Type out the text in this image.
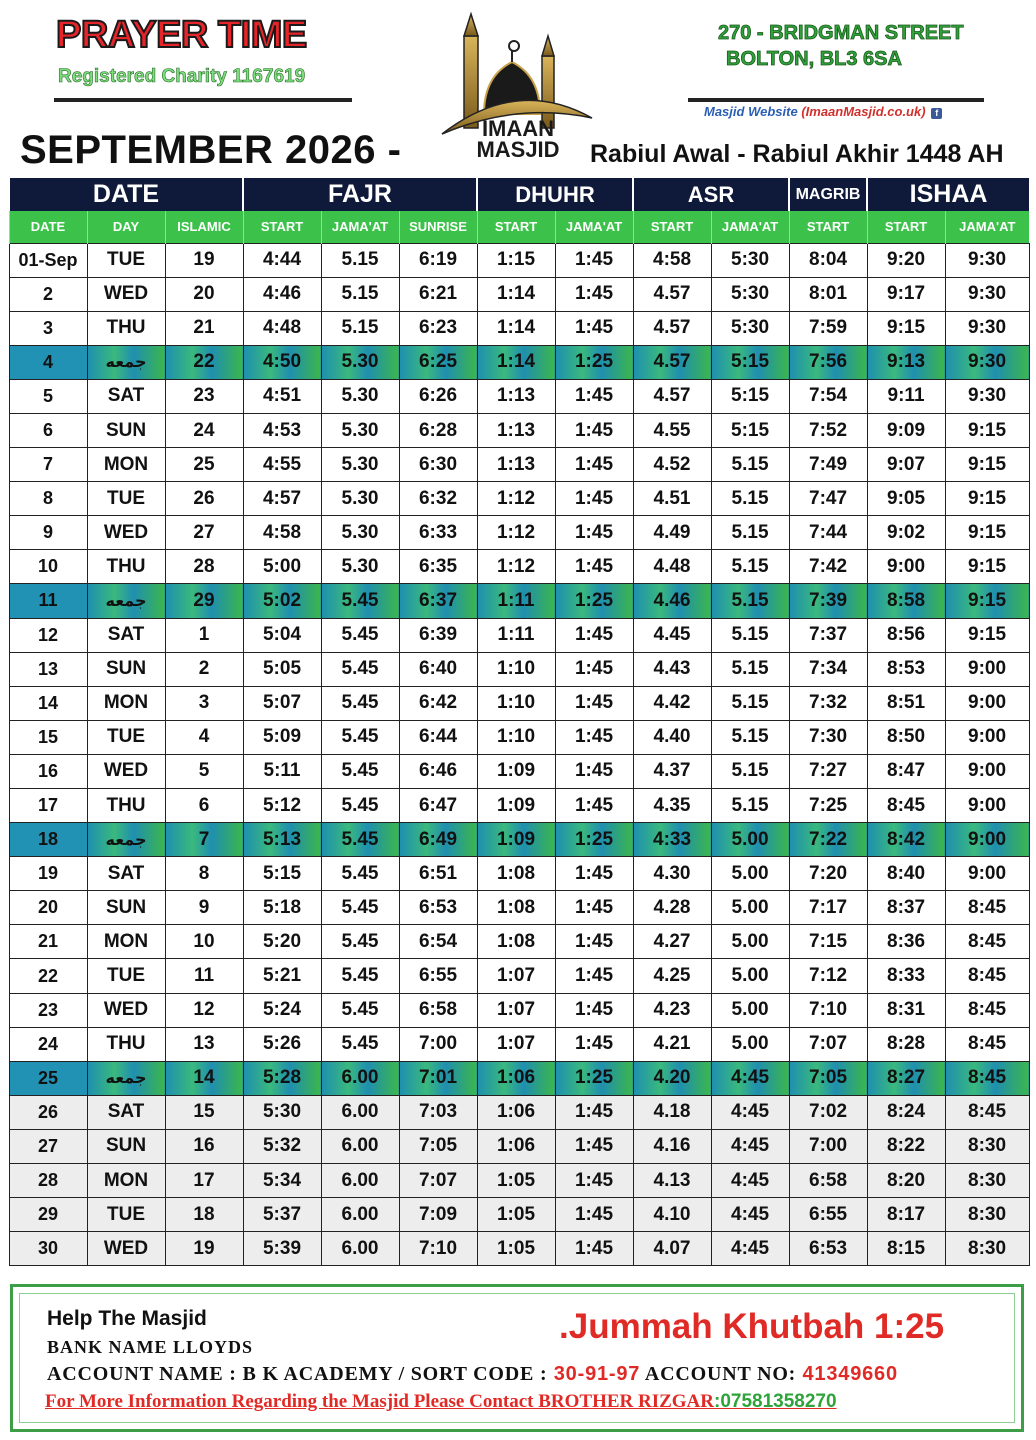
PRAYER TIME
Registered Charity 1167619
IMAAN
MASJID
270 - BRIDGMAN STREET
BOLTON, BL3 6SA
Masjid Website (ImaanMasjid.co.uk) f
SEPTEMBER 2026 -	Rabiul Awal - Rabiul Akhir 1448 AH
DATE			FAJR			DHUHR		ASR		MAGRIB	ISHAA	
DATE	DAY	ISLAMIC	START	JAMA'AT	SUNRISE	START	JAMA'AT	START	JAMA'AT	START	START	JAMA'AT
01-Sep	TUE	19	4:44	5.15	6:19	1:15	1:45	4:58	5:30	8:04	9:20	9:30
2	WED	20	4:46	5.15	6:21	1:14	1:45	4.57	5:30	8:01	9:17	9:30
3	THU	21	4:48	5.15	6:23	1:14	1:45	4.57	5:30	7:59	9:15	9:30
4	جمعه	22	4:50	5.30	6:25	1:14	1:25	4.57	5:15	7:56	9:13	9:30
5	SAT	23	4:51	5.30	6:26	1:13	1:45	4.57	5:15	7:54	9:11	9:30
6	SUN	24	4:53	5.30	6:28	1:13	1:45	4.55	5:15	7:52	9:09	9:15
7	MON	25	4:55	5.30	6:30	1:13	1:45	4.52	5.15	7:49	9:07	9:15
8	TUE	26	4:57	5.30	6:32	1:12	1:45	4.51	5.15	7:47	9:05	9:15
9	WED	27	4:58	5.30	6:33	1:12	1:45	4.49	5.15	7:44	9:02	9:15
10	THU	28	5:00	5.30	6:35	1:12	1:45	4.48	5.15	7:42	9:00	9:15
11	جمعه	29	5:02	5.45	6:37	1:11	1:25	4.46	5.15	7:39	8:58	9:15
12	SAT	1	5:04	5.45	6:39	1:11	1:45	4.45	5.15	7:37	8:56	9:15
13	SUN	2	5:05	5.45	6:40	1:10	1:45	4.43	5.15	7:34	8:53	9:00
14	MON	3	5:07	5.45	6:42	1:10	1:45	4.42	5.15	7:32	8:51	9:00
15	TUE	4	5:09	5.45	6:44	1:10	1:45	4.40	5.15	7:30	8:50	9:00
16	WED	5	5:11	5.45	6:46	1:09	1:45	4.37	5.15	7:27	8:47	9:00
17	THU	6	5:12	5.45	6:47	1:09	1:45	4.35	5.15	7:25	8:45	9:00
18	جمعه	7	5:13	5.45	6:49	1:09	1:25	4:33	5.00	7:22	8:42	9:00
19	SAT	8	5:15	5.45	6:51	1:08	1:45	4.30	5.00	7:20	8:40	9:00
20	SUN	9	5:18	5.45	6:53	1:08	1:45	4.28	5.00	7:17	8:37	8:45
21	MON	10	5:20	5.45	6:54	1:08	1:45	4.27	5.00	7:15	8:36	8:45
22	TUE	11	5:21	5.45	6:55	1:07	1:45	4.25	5.00	7:12	8:33	8:45
23	WED	12	5:24	5.45	6:58	1:07	1:45	4.23	5.00	7:10	8:31	8:45
24	THU	13	5:26	5.45	7:00	1:07	1:45	4.21	5.00	7:07	8:28	8:45
25	جمعه	14	5:28	6.00	7:01	1:06	1:25	4.20	4:45	7:05	8:27	8:45
26	SAT	15	5:30	6.00	7:03	1:06	1:45	4.18	4:45	7:02	8:24	8:45
27	SUN	16	5:32	6.00	7:05	1:06	1:45	4.16	4:45	7:00	8:22	8:30
28	MON	17	5:34	6.00	7:07	1:05	1:45	4.13	4:45	6:58	8:20	8:30
29	TUE	18	5:37	6.00	7:09	1:05	1:45	4.10	4:45	6:55	8:17	8:30
30	WED	19	5:39	6.00	7:10	1:05	1:45	4.07	4:45	6:53	8:15	8:30
Help The Masjid
BANK NAME LLOYDS
.Jummah Khutbah 1:25
ACCOUNT NAME : B K ACADEMY / SORT CODE : 30-91-97 ACCOUNT NO: 41349660
For More Information Regarding the Masjid Please Contact BROTHER RIZGAR:07581358270
